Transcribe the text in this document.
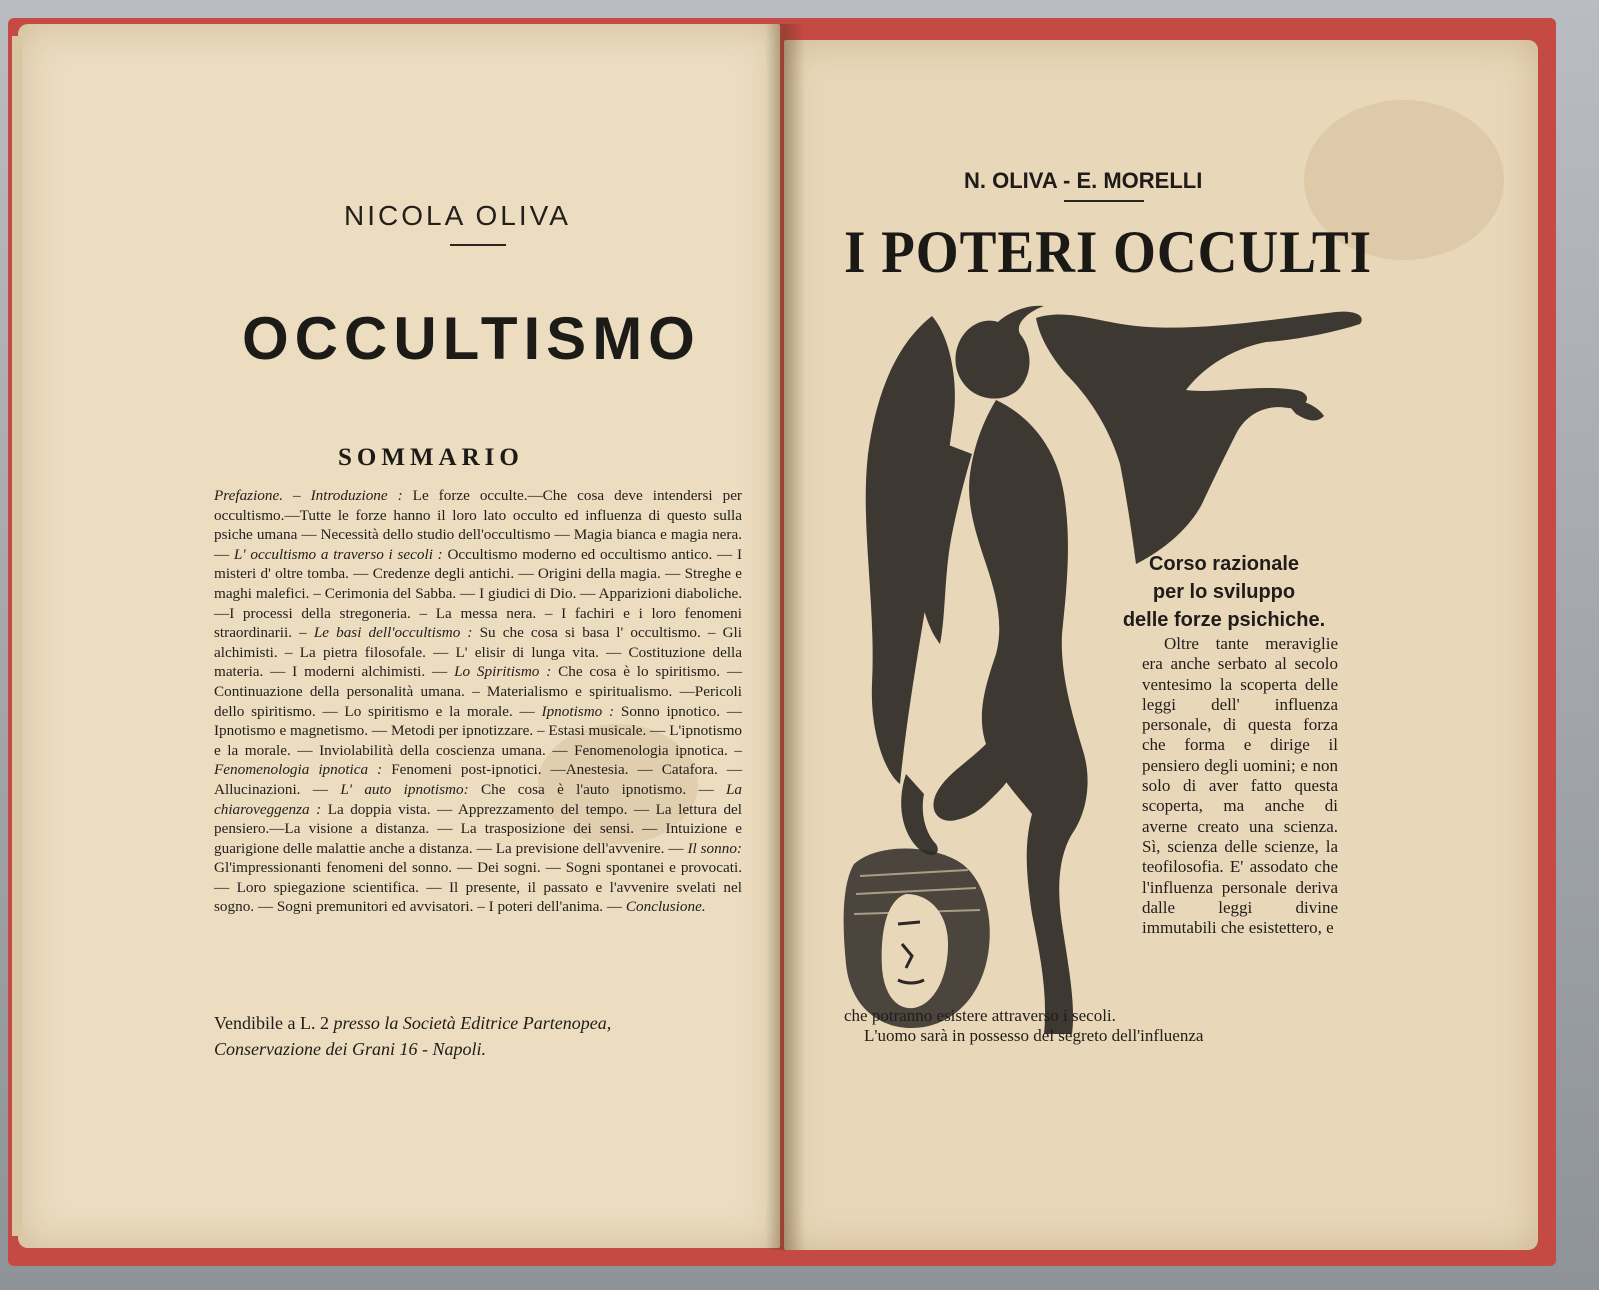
NICOLA OLIVA
OCCULTISMO
SOMMARIO
Prefazione. – Introduzione : Le forze occulte.—Che cosa deve intendersi per occultismo.—Tutte le forze hanno il loro lato occulto ed influenza di questo sulla psiche umana — Necessità dello studio dell'occultismo — Magia bianca e magia nera. — L' occultismo a traverso i secoli : Occultismo moderno ed occultismo antico. — I misteri d' oltre tomba. — Credenze degli antichi. — Origini della magia. — Streghe e maghi malefici. – Cerimonia del Sabba. — I giudici di Dio. — Apparizioni diaboliche.—I processi della stregoneria. – La messa nera. – I fachiri e i loro fenomeni straordinarii. – Le basi dell'occultismo : Su che cosa si basa l' occultismo. – Gli alchimisti. – La pietra filosofale. — L' elisir di lunga vita. — Costituzione della materia. — I moderni alchimisti. — Lo Spiritismo : Che cosa è lo spiritismo. — Continuazione della personalità umana. – Materialismo e spiritualismo. —Pericoli dello spiritismo. — Lo spiritismo e la morale. — Ipnotismo : Sonno ipnotico. — Ipnotismo e magnetismo. — Metodi per ipnotizzare. – Estasi musicale. — L'ipnotismo e la morale. — Inviolabilità della coscienza umana. — Fenomenologia ipnotica. – Fenomenologia ipnotica : Fenomeni post-ipnotici. —Anestesia. — Catafora. — Allucinazioni. — L' auto ipnotismo: Che cosa è l'auto ipnotismo. — La chiaroveggenza : La doppia vista. — Apprezzamento del tempo. — La lettura del pensiero.—La visione a distanza. — La trasposizione dei sensi. — Intuizione e guarigione delle malattie anche a distanza. — La previsione dell'avvenire. — Il sonno: Gl'impressionanti fenomeni del sonno. — Dei sogni. — Sogni spontanei e provocati. — Loro spiegazione scientifica. — Il presente, il passato e l'avvenire svelati nel sogno. — Sogni premunitori ed avvisatori. – I poteri dell'anima. — Conclusione.
Vendibile a L. 2 presso la Società Editrice Partenopea,
Conservazione dei Grani 16 - Napoli.
N. OLIVA - E. MORELLI
I POTERI OCCULTI
Corso razionale
per lo sviluppo
delle forze psichiche.
Oltre tante meraviglie era anche serbato al secolo ventesimo la scoperta delle leggi dell' influenza personale, di questa forza che forma e dirige il pensiero degli uomini; e non solo di aver fatto questa scoperta, ma anche di averne creato una scienza. Sì, scienza delle scienze, la teofilosofia. E' assodato che l'influenza personale deriva dalle leggi divine immutabili che esistettero, e
che potranno esistere attraverso i secoli.
L'uomo sarà in possesso del segreto dell'influenza
